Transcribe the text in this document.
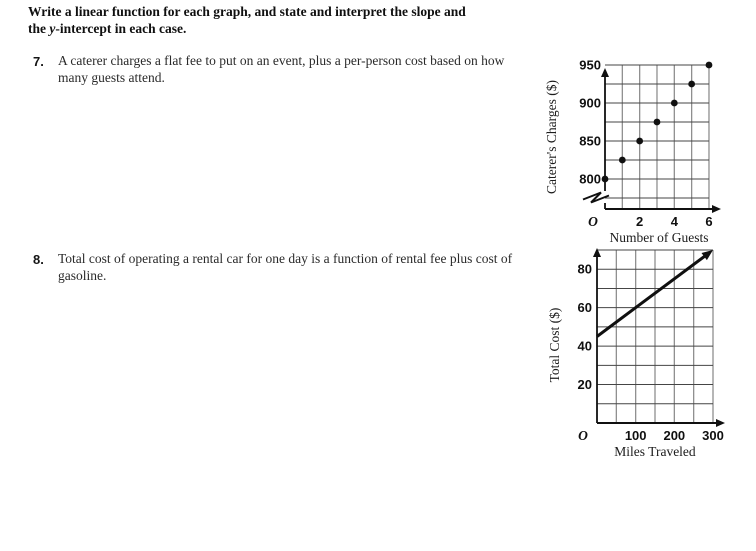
Write a linear function for each graph, and state and interpret the slope and
the y-intercept in each case.
7.	A caterer charges a flat fee to put on an event, plus a per-person cost based on how many guests attend.
950
900
850
800
2 4 6
O
Number of Guests
Caterer's Charges ($)
8.	Total cost of operating a rental car for one day is a function of rental fee plus cost of gasoline.	80
60
40
20
100 200 300
O
Miles Traveled
Total Cost ($)
